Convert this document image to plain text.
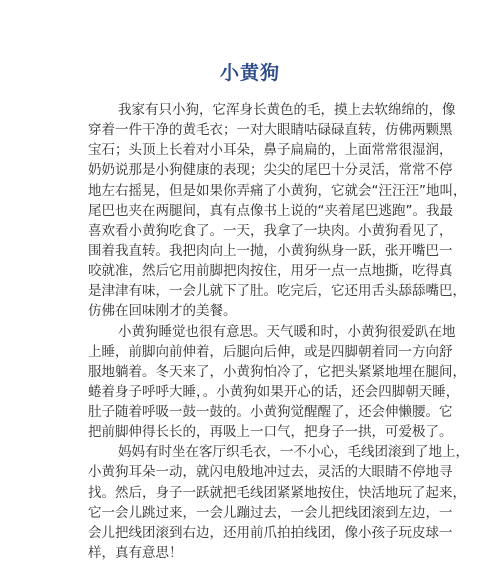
小黄狗
我家有只小狗，它浑身长黄色的毛，摸上去软绵绵的，像
穿着一件干净的黄毛衣；一对大眼睛咕碌碌直转，仿佛两颗黑
宝石；头顶上长着对小耳朵，鼻子扁扁的，上面常常很湿润，
奶奶说那是小狗健康的表现；尖尖的尾巴十分灵活，常常不停
地左右摇晃，但是如果你弄痛了小黄狗，它就会“汪汪汪”地叫，
尾巴也夹在两腿间，真有点像书上说的“夹着尾巴逃跑”。我最
喜欢看小黄狗吃食了。一天，我拿了一块肉。小黄狗看见了，
围着我直转。我把肉向上一抛，小黄狗纵身一跃，张开嘴巴一
咬就准，然后它用前脚把肉按住，用牙一点一点地撕，吃得真
是津津有味，一会儿就下了肚。吃完后，它还用舌头舔舔嘴巴，
仿佛在回味刚才的美餐。
小黄狗睡觉也很有意思。天气暖和时，小黄狗很爱趴在地
上睡，前脚向前伸着，后腿向后伸，或是四脚朝着同一方向舒
服地躺着。冬天来了，小黄狗怕冷了，它把头紧紧地埋在腿间，
蜷着身子呼呼大睡，。小黄狗如果开心的话，还会四脚朝天睡，
肚子随着呼吸一鼓一鼓的。小黄狗觉醒醒了，还会伸懒腰。它
把前脚伸得长长的，再吸上一口气，把身子一拱，可爱极了。
妈妈有时坐在客厅织毛衣，一不小心，毛线团滚到了地上，
小黄狗耳朵一动，就闪电般地冲过去，灵活的大眼睛不停地寻
找。然后，身子一跃就把毛线团紧紧地按住，快活地玩了起来，
它一会儿跳过来，一会儿蹦过去，一会儿把线团滚到左边，一
会儿把线团滚到右边，还用前爪拍拍线团，像小孩子玩皮球一
样，真有意思！
